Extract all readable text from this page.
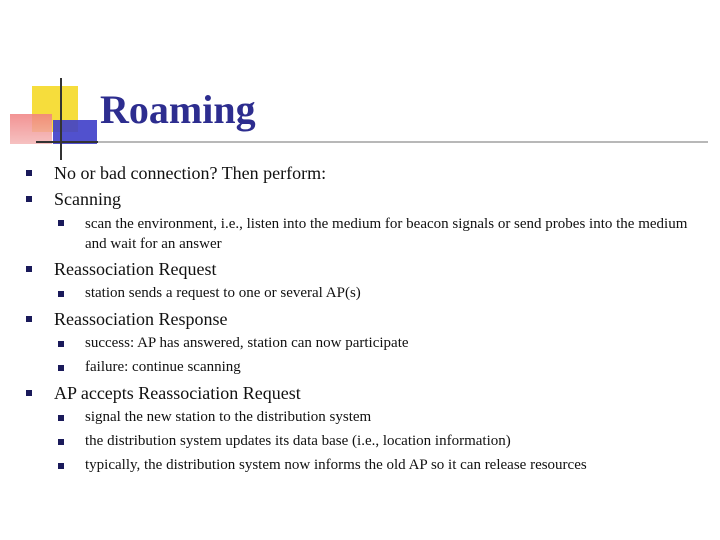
Roaming
No or bad connection? Then perform:
Scanning
scan the environment, i.e., listen into the medium for beacon signals or send probes into the medium and wait for an answer
Reassociation Request
station sends a request to one or several AP(s)
Reassociation Response
success: AP has answered, station can now participate
failure: continue scanning
AP accepts Reassociation Request
signal the new station to the distribution system
the distribution system updates its data base (i.e., location information)
typically, the distribution system now informs the old AP so it can release resources
